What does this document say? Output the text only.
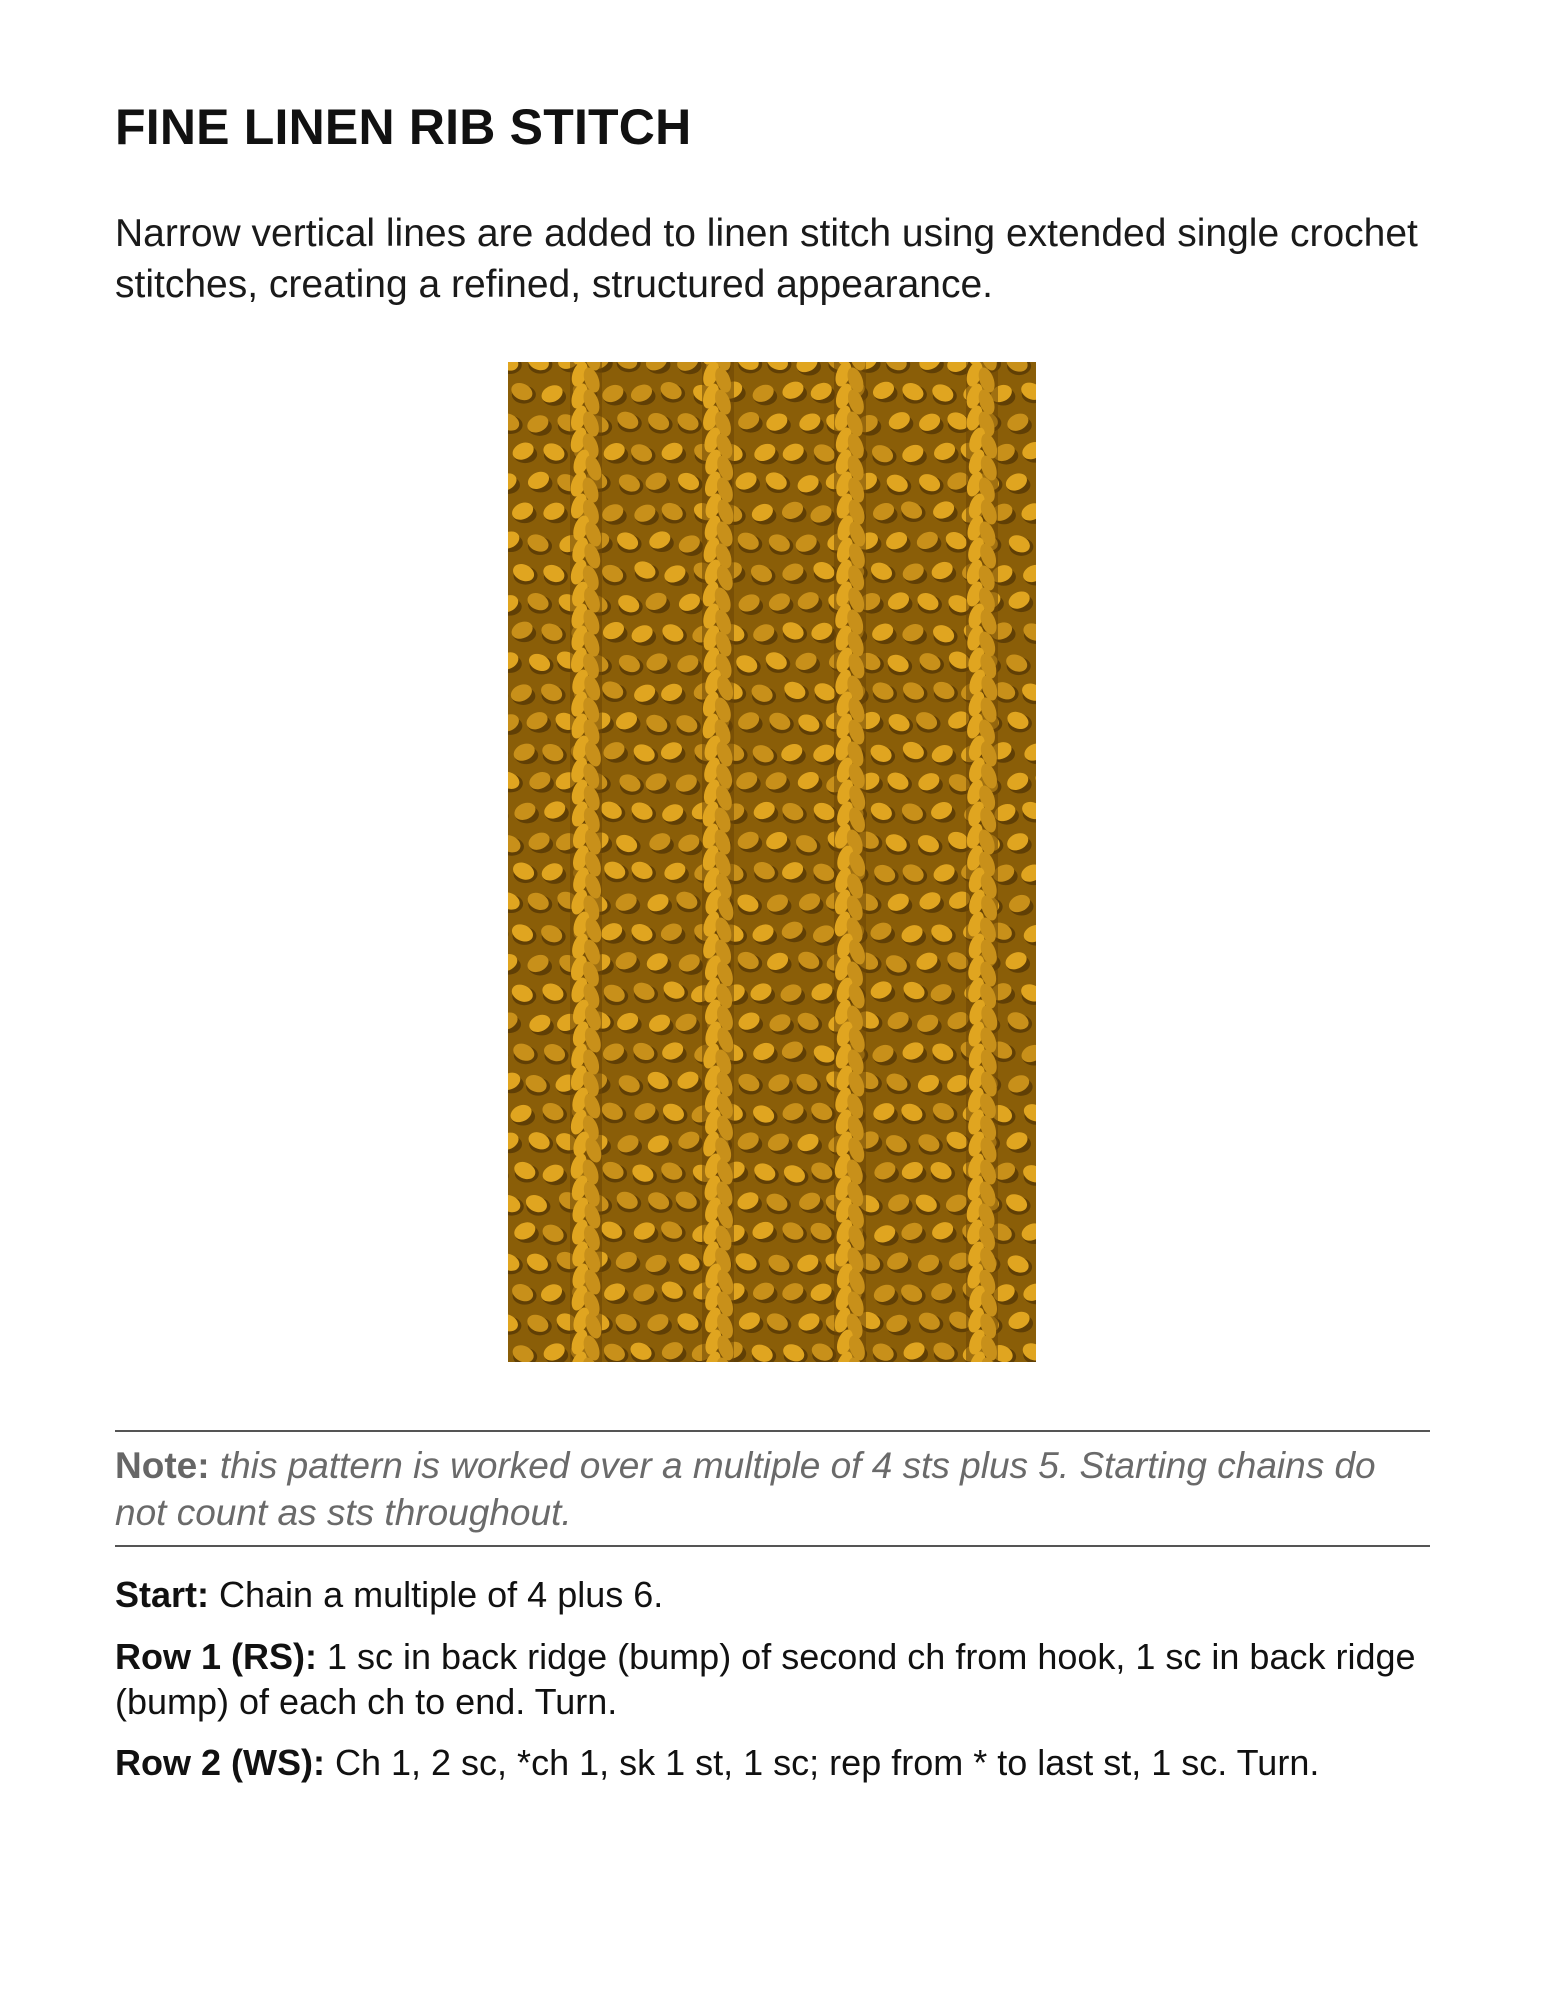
FINE LINEN RIB STITCH

Narrow vertical lines are added to linen stitch using extended single crochet stitches, creating a refined, structured appearance.

Note: this pattern is worked over a multiple of 4 sts plus 5. Starting chains do not count as sts throughout.

Start: Chain a multiple of 4 plus 6.

Row 1 (RS): 1 sc in back ridge (bump) of second ch from hook, 1 sc in back ridge (bump) of each ch to end. Turn.

Row 2 (WS): Ch 1, 2 sc, *ch 1, sk 1 st, 1 sc; rep from * to last st, 1 sc. Turn.
